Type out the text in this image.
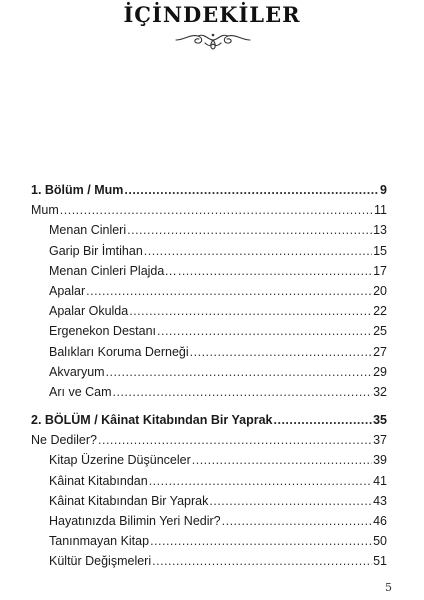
İÇİNDEKİLER
1. Bölüm / Mum .....	9
Mum .....	11
Menan Cinleri .....	13
Garip Bir İmtihan .....	15
Menan Cinleri Plajda… .....	17
Apalar .....	20
Apalar Okulda .....	22
Ergenekon Destanı .....	25
Balıkları Koruma Derneği .....	27
Akvaryum .....	29
Arı ve Cam .....	32
2. BÖLÜM / Kâinat Kitabından Bir Yaprak .....	35
Ne Dediler? .....	37
Kitap Üzerine Düşünceler .....	39
Kâinat Kitabından .....	41
Kâinat Kitabından Bir Yaprak .....	43
Hayatınızda Bilimin Yeri Nedir? .....	46
Tanınmayan Kitap .....	50
Kültür Değişmeleri .....	51
5
